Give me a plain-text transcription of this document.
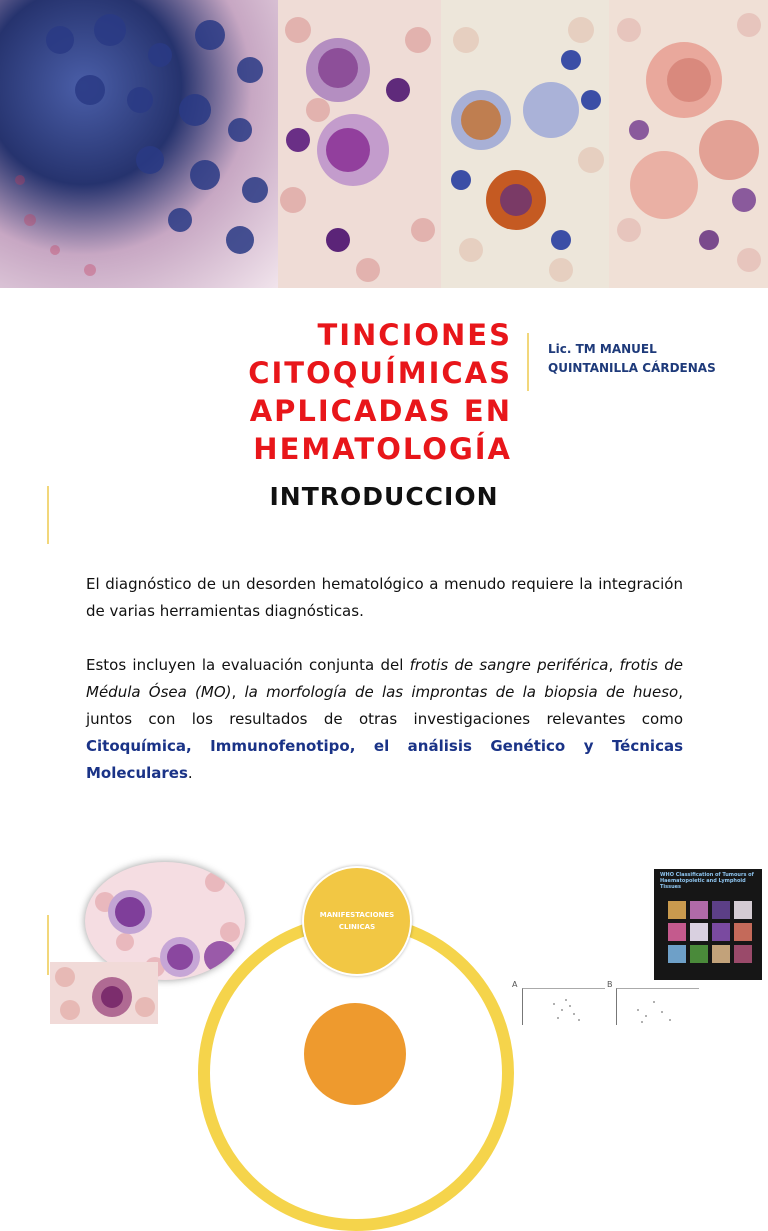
TINCIONES CITOQUÍMICAS
APLICADAS EN HEMATOLOGÍA
Lic. TM MANUEL
QUINTANILLA CÁRDENAS
INTRODUCCION
El diagnóstico de un desorden hematológico a menudo requiere la integración de varias herramientas diagnósticas.
Estos incluyen la evaluación conjunta del frotis de sangre periférica, frotis de Médula Ósea (MO), la morfología de las improntas de la biopsia de hueso, juntos con los resultados de otras investigaciones relevantes como Citoquímica, Immunofenotipo, el análisis Genético y Técnicas Moleculares.
MANIFESTACIONES
CLINICAS
WHO Classification of Tumours of Haematopoietic and Lymphoid Tissues
A	B
